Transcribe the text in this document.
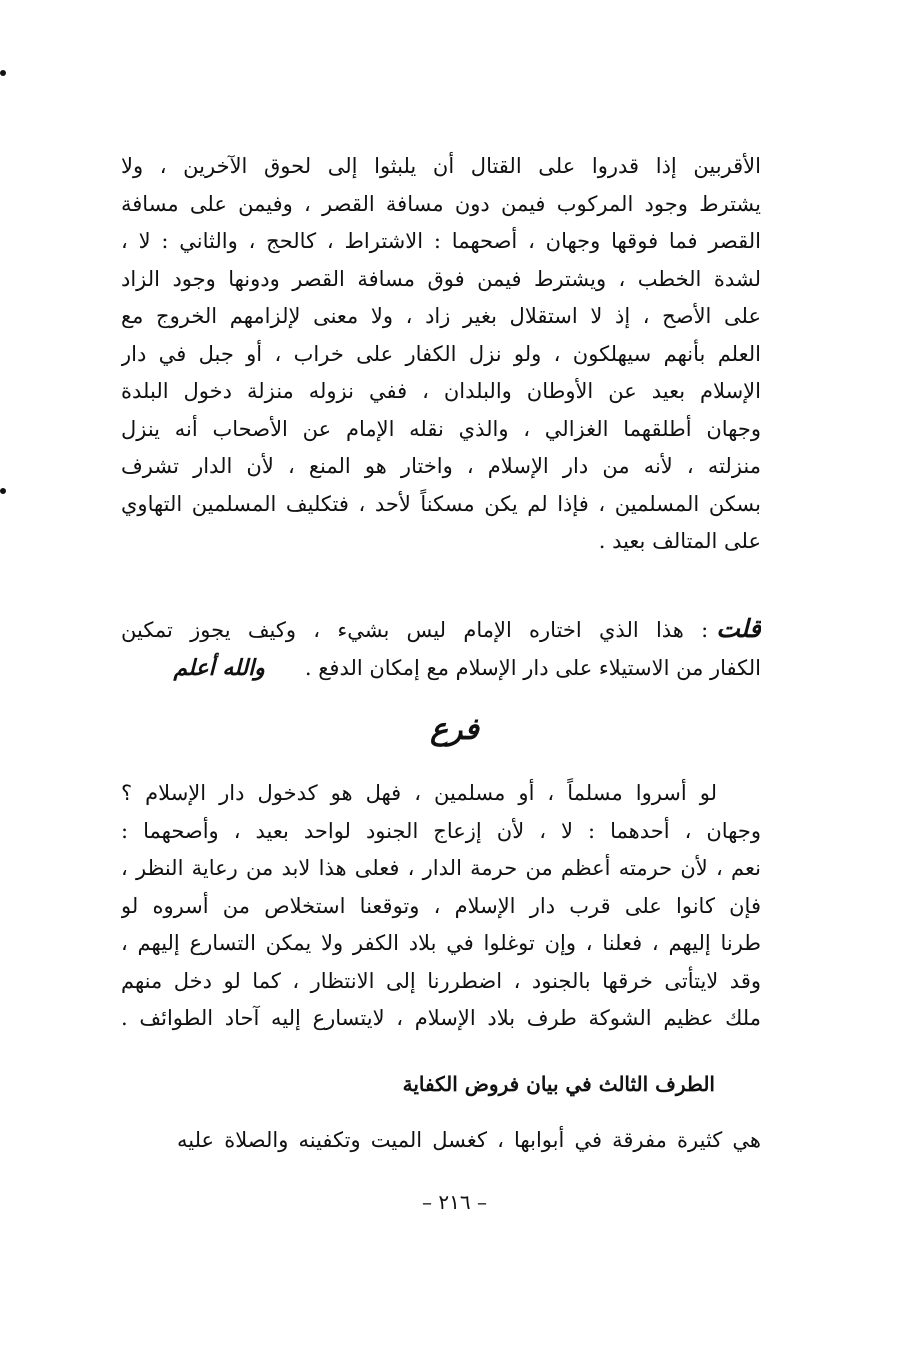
الأقربين إذا قدروا على القتال أن يلبثوا إلى لحوق الآخرين ، ولا
يشترط وجود المركوب فيمن دون مسافة القصر ، وفيمن على مسافة
القصر فما فوقها وجهان ، أصحهما : الاشتراط ، كالحج ، والثاني : لا ،
لشدة الخطب ، ويشترط فيمن فوق مسافة القصر ودونها وجود الزاد
على الأصح ، إذ لا استقلال بغير زاد ، ولا معنى لإلزامهم الخروج مع
العلم بأنهم سيهلكون ، ولو نزل الكفار على خراب ، أو جبل في دار
الإسلام بعيد عن الأوطان والبلدان ، ففي نزوله منزلة دخول البلدة
وجهان أطلقهما الغزالي ، والذي نقله الإمام عن الأصحاب أنه ينزل
منزلته ، لأنه من دار الإسلام ، واختار هو المنع ، لأن الدار تشرف
بسكن المسلمين ، فإذا لم يكن مسكناً لأحد ، فتكليف المسلمين التهاوي
على المتالف بعيد .
قلت: هذا الذي اختاره الإمام ليس بشيء ، وكيف يجوز تمكين
الكفار من الاستيلاء على دار الإسلام مع إمكان الدفع .والله أعلم
فرع
لو أسروا مسلماً ، أو مسلمين ، فهل هو كدخول دار الإسلام ؟
وجهان ، أحدهما : لا ، لأن إزعاج الجنود لواحد بعيد ، وأصحهما :
نعم ، لأن حرمته أعظم من حرمة الدار ، فعلى هذا لابد من رعاية النظر ،
فإن كانوا على قرب دار الإسلام ، وتوقعنا استخلاص من أسروه لو
طرنا إليهم ، فعلنا ، وإن توغلوا في بلاد الكفر ولا يمكن التسارع إليهم ،
وقد لايتأتى خرقها بالجنود ، اضطررنا إلى الانتظار ، كما لو دخل منهم
ملك عظيم الشوكة طرف بلاد الإسلام ، لايتسارع إليه آحاد الطوائف .
الطرف الثالث في بيان فروض الكفاية
هي كثيرة مفرقة في أبوابها ، كغسل الميت وتكفينه والصلاة عليه
– ٢١٦ –
